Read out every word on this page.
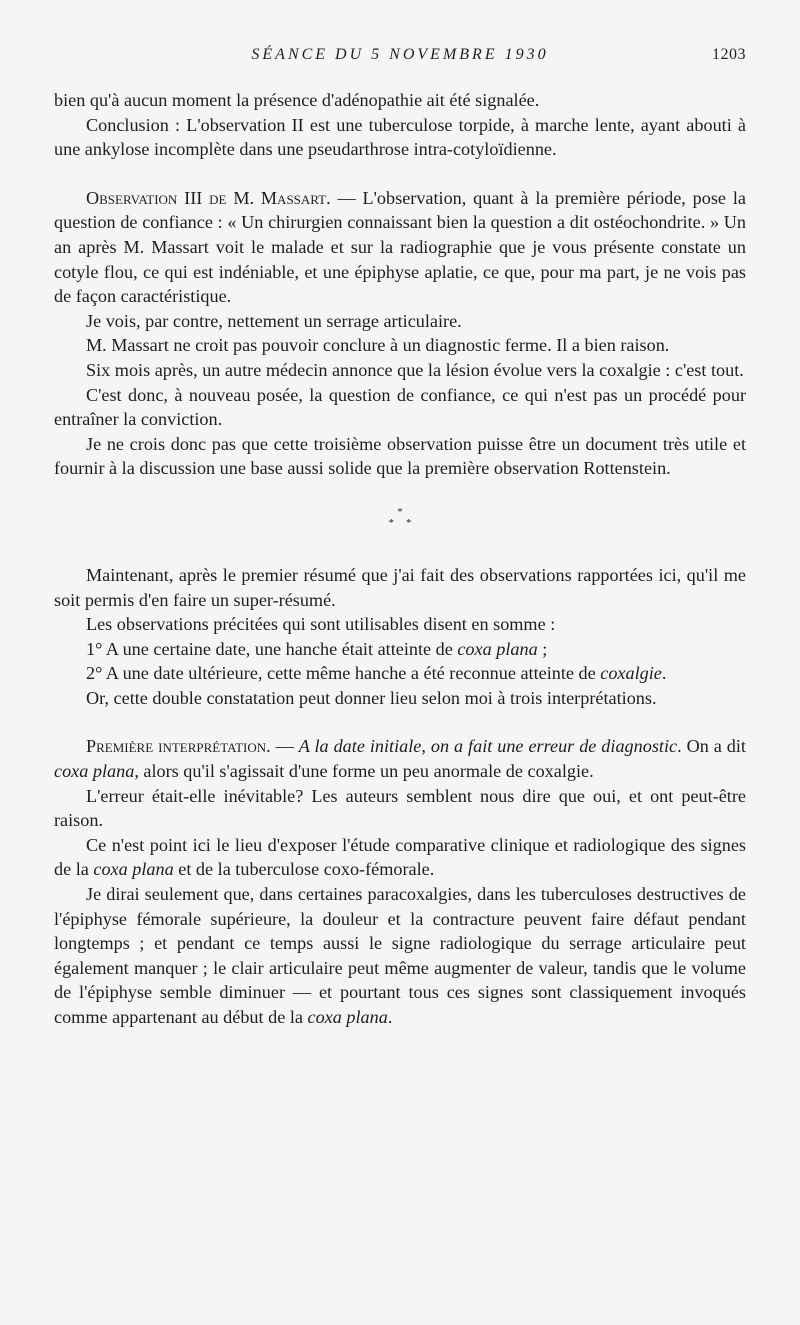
SÉANCE DU 5 NOVEMBRE 1930	1203

bien qu'à aucun moment la présence d'adénopathie ait été signalée.

Conclusion : L'observation II est une tuberculose torpide, à marche lente, ayant abouti à une ankylose incomplète dans une pseudarthrose intra-cotyloïdienne.

Observation III de M. Massart. — L'observation, quant à la première période, pose la question de confiance : « Un chirurgien connaissant bien la question a dit ostéochondrite. » Un an après M. Massart voit le malade et sur la radiographie que je vous présente constate un cotyle flou, ce qui est indéniable, et une épiphyse aplatie, ce que, pour ma part, je ne vois pas de façon caractéristique.

Je vois, par contre, nettement un serrage articulaire.

M. Massart ne croit pas pouvoir conclure à un diagnostic ferme. Il a bien raison.

Six mois après, un autre médecin annonce que la lésion évolue vers la coxalgie : c'est tout.

C'est donc, à nouveau posée, la question de confiance, ce qui n'est pas un procédé pour entraîner la conviction.

Je ne crois donc pas que cette troisième observation puisse être un document très utile et fournir à la discussion une base aussi solide que la première observation Rottenstein.

*
**

Maintenant, après le premier résumé que j'ai fait des observations rapportées ici, qu'il me soit permis d'en faire un super-résumé.

Les observations précitées qui sont utilisables disent en somme :

1° A une certaine date, une hanche était atteinte de coxa plana ;

2° A une date ultérieure, cette même hanche a été reconnue atteinte de coxalgie.

Or, cette double constatation peut donner lieu selon moi à trois interprétations.

Première interprétation. — A la date initiale, on a fait une erreur de diagnostic. On a dit coxa plana, alors qu'il s'agissait d'une forme un peu anormale de coxalgie.

L'erreur était-elle inévitable? Les auteurs semblent nous dire que oui, et ont peut-être raison.

Ce n'est point ici le lieu d'exposer l'étude comparative clinique et radiologique des signes de la coxa plana et de la tuberculose coxo-fémorale.

Je dirai seulement que, dans certaines paracoxalgies, dans les tuberculoses destructives de l'épiphyse fémorale supérieure, la douleur et la contracture peuvent faire défaut pendant longtemps ; et pendant ce temps aussi le signe radiologique du serrage articulaire peut également manquer ; le clair articulaire peut même augmenter de valeur, tandis que le volume de l'épiphyse semble diminuer — et pourtant tous ces signes sont classiquement invoqués comme appartenant au début de la coxa plana.
